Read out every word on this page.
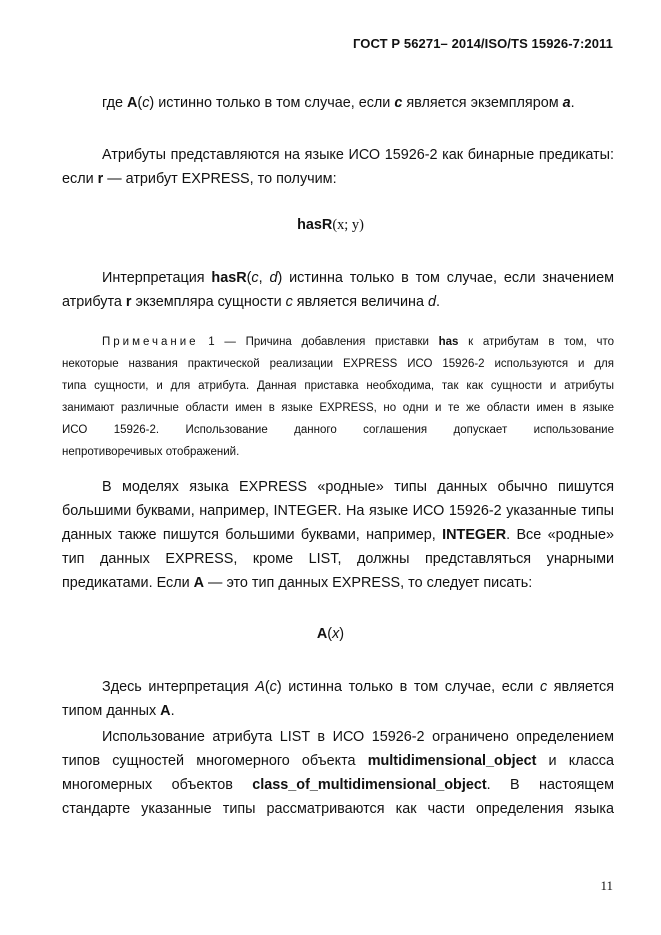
ГОСТ Р 56271– 2014/ISO/TS 15926-7:2011
где A(c) истинно только в том случае, если c является экземпляром a.
Атрибуты представляются на языке ИСО 15926-2 как бинарные предикаты:
если r — атрибут EXPRESS, то получим:
hasR(x; y)
Интерпретация hasR(c, d) истинна только в том случае, если значением
атрибута r экземпляра сущности c является величина d.
Примечание 1 — Причина добавления приставки has к атрибутам в том, что
некоторые названия практической реализации EXPRESS ИСО 15926-2 используются и для
типа сущности, и для атрибута. Данная приставка необходима, так как сущности и атрибуты
занимают различные области имен в языке EXPRESS, но одни и те же области имен в языке
ИСО 15926-2. Использование данного соглашения допускает использование
непротиворечивых отображений.
В моделях языка EXPRESS «родные» типы данных обычно пишутся
большими буквами, например, INTEGER. На языке ИСО 15926-2 указанные типы
данных также пишутся большими буквами, например, INTEGER. Все «родные»
тип данных EXPRESS, кроме LIST, должны представляться унарными
предикатами. Если A — это тип данных EXPRESS, то следует писать:
A(x)
Здесь интерпретация A(c) истинна только в том случае, если c является
типом данных A.
Использование атрибута LIST в ИСО 15926-2 ограничено определением
типов сущностей многомерного объекта multidimensional_object и класса
многомерных объектов class_of_multidimensional_object. В настоящем
стандарте указанные типы рассматриваются как части определения языка
11
